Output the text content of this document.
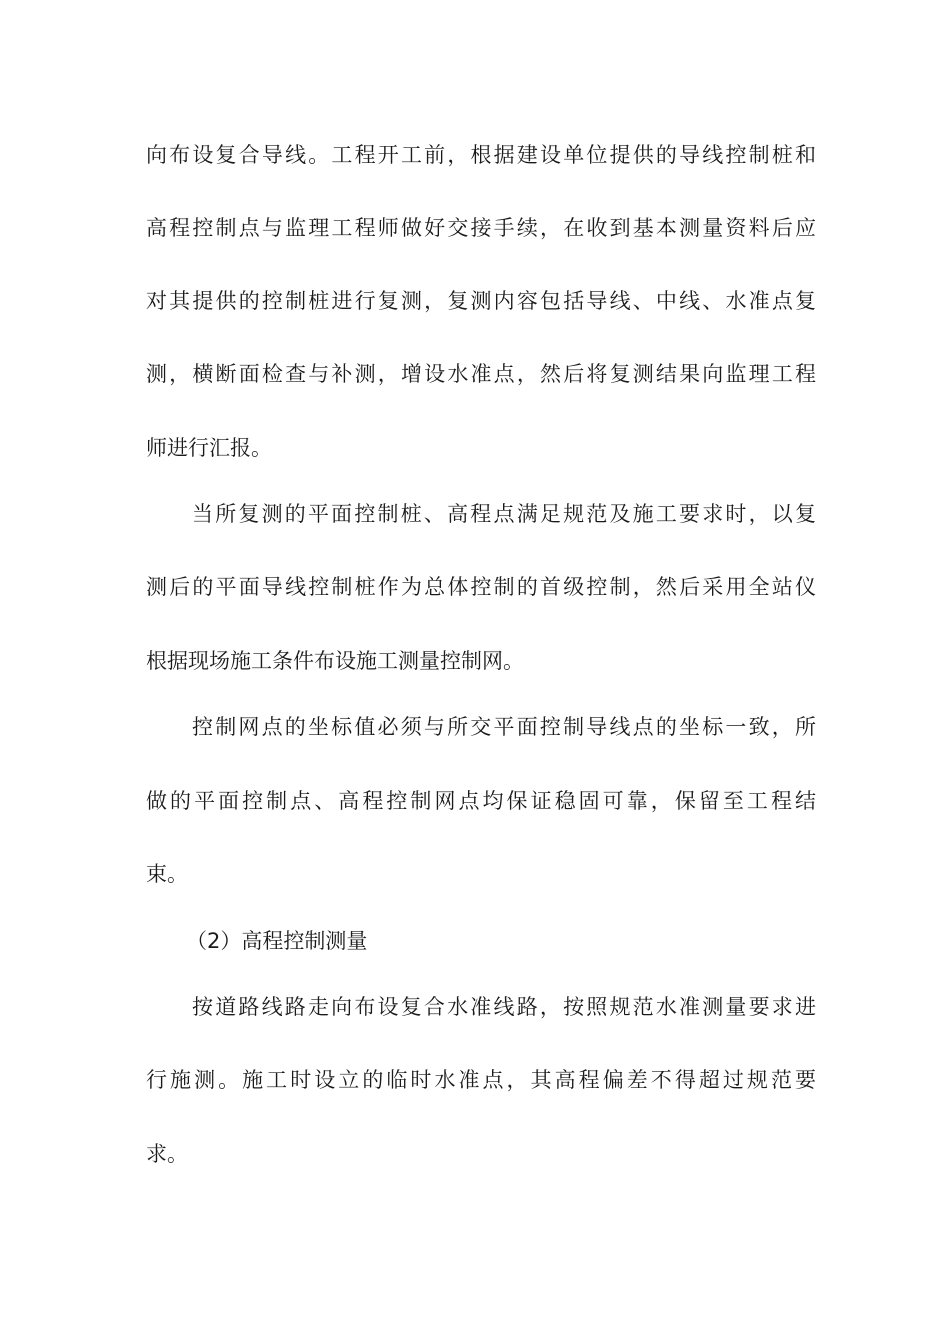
向布设复合导线。工程开工前，根据建设单位提供的导线控制桩和
高程控制点与监理工程师做好交接手续，在收到基本测量资料后应
对其提供的控制桩进行复测，复测内容包括导线、中线、水准点复
测，横断面检查与补测，增设水准点，然后将复测结果向监理工程
师进行汇报。
当所复测的平面控制桩、高程点满足规范及施工要求时，以复
测后的平面导线控制桩作为总体控制的首级控制，然后采用全站仪
根据现场施工条件布设施工测量控制网。
控制网点的坐标值必须与所交平面控制导线点的坐标一致，所
做的平面控制点、高程控制网点均保证稳固可靠，保留至工程结
束。
（2）高程控制测量
按道路线路走向布设复合水准线路，按照规范水准测量要求进
行施测。施工时设立的临时水准点，其高程偏差不得超过规范要
求。
